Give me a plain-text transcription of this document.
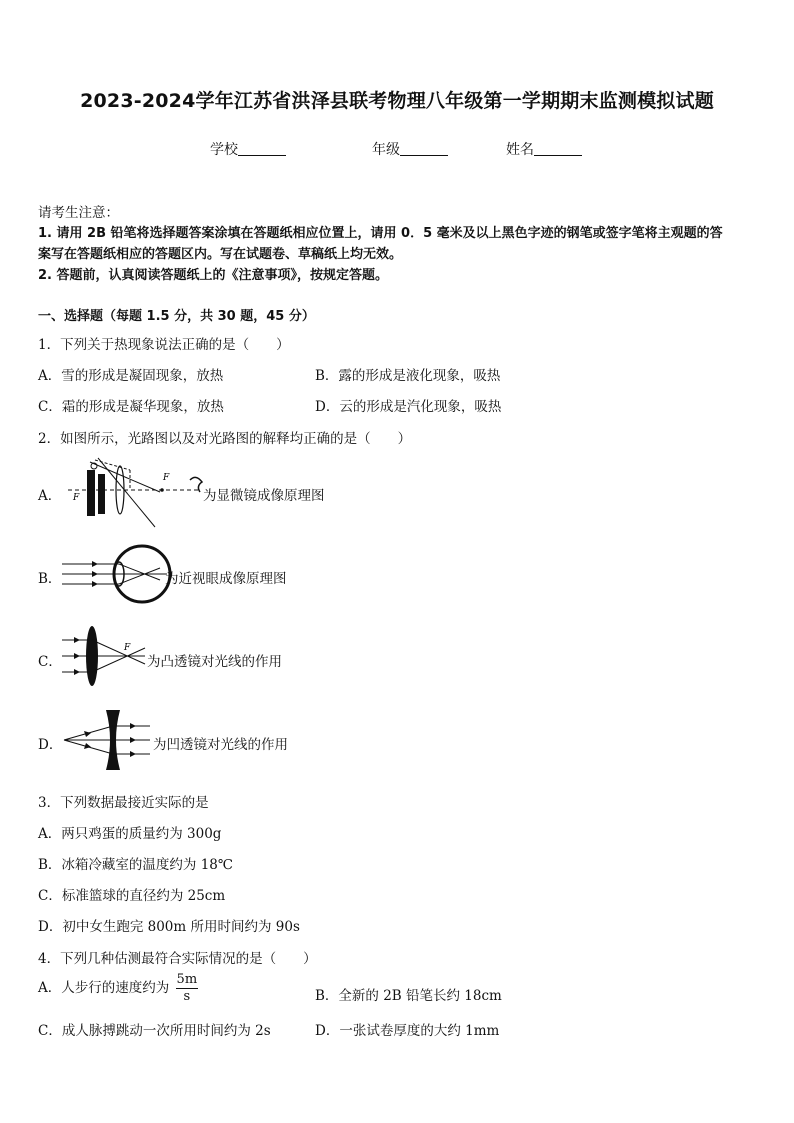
2023-2024学年江苏省洪泽县联考物理八年级第一学期期末监测模拟试题
学校	年级	姓名
请考生注意：
1. 请用 2B 铅笔将选择题答案涂填在答题纸相应位置上，请用 0．5 毫米及以上黑色字迹的钢笔或签字笔将主观题的答
案写在答题纸相应的答题区内。写在试题卷、草稿纸上均无效。
2. 答题前，认真阅读答题纸上的《注意事项》，按规定答题。
一、选择题（每题 1.5 分，共 30 题，45 分）
1．下列关于热现象说法正确的是（　　）
A．雪的形成是凝固现象，放热	B．露的形成是液化现象，吸热
C．霜的形成是凝华现象，放热	D．云的形成是汽化现象，吸热
2．如图所示，光路图以及对光路图的解释均正确的是（　　）
A． F
F
为显微镜成像原理图
B．	为近视眼成像原理图
C．
F
为凸透镜对光线的作用
D．	为凹透镜对光线的作用
3．下列数据最接近实际的是
A．两只鸡蛋的质量约为 300g
B．冰箱冷藏室的温度约为 18℃
C．标准篮球的直径约为 25cm
D．初中女生跑完 800m 所用时间约为 90s
4．下列几种估测最符合实际情况的是（　　）
A．人步行的速度约为 $\frac{5m}{s}$	B．全新的 2B 铅笔长约 18cm
C．成人脉搏跳动一次所用时间约为 2s	D．一张试卷厚度的大约 1mm
